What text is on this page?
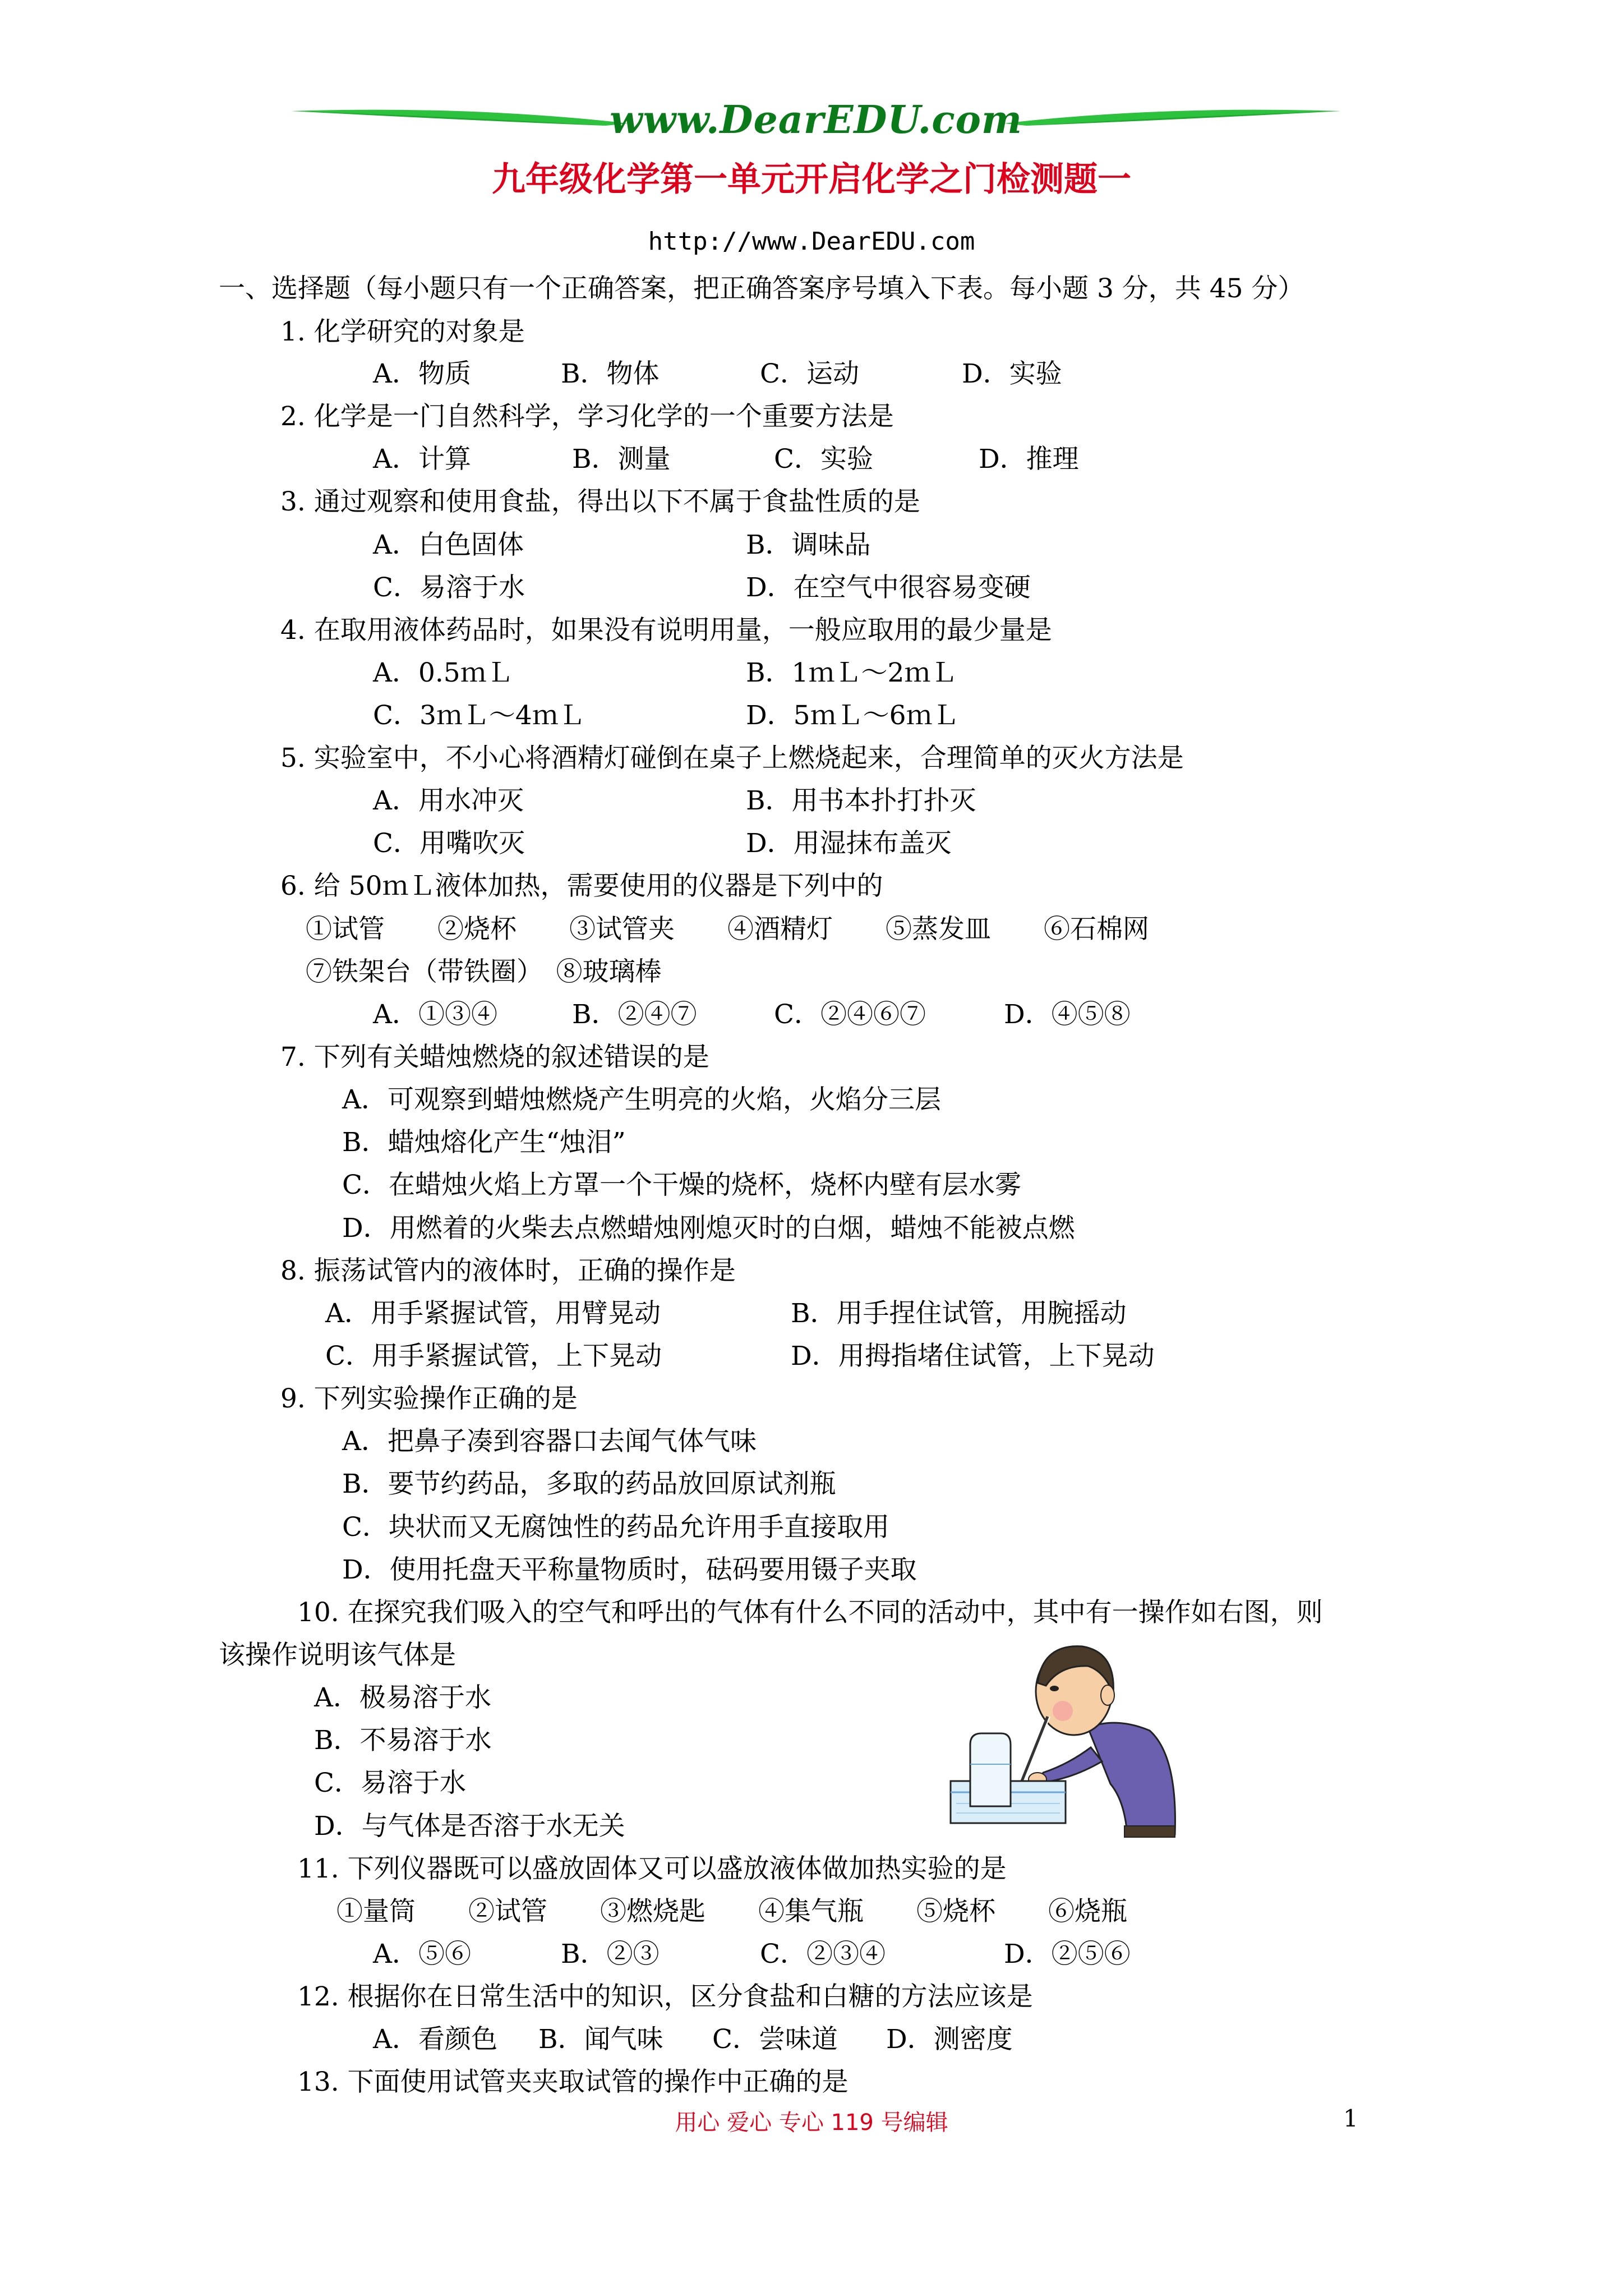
www.DearEDU.com
九年级化学第一单元开启化学之门检测题一
http://www.DearEDU.com
一、选择题（每小题只有一个正确答案，把正确答案序号填入下表。每小题 3 分，共 45 分）
1. 化学研究的对象是
A．物质	B．物体	C．运动	D．实验
2. 化学是一门自然科学，学习化学的一个重要方法是
A．计算	B．测量	C．实验	D．推理
3. 通过观察和使用食盐，得出以下不属于食盐性质的是
A．白色固体	B．调味品
C．易溶于水	D．在空气中很容易变硬
4. 在取用液体药品时，如果没有说明用量，一般应取用的最少量是
A．0.5ｍＬ	B．1ｍＬ～2ｍＬ
C．3ｍＬ～4ｍＬ	D．5ｍＬ～6ｍＬ
5. 实验室中，不小心将酒精灯碰倒在桌子上燃烧起来，合理简单的灭火方法是
A．用水冲灭	B．用书本扑打扑灭
C．用嘴吹灭	D．用湿抹布盖灭
6. 给 50ｍＬ液体加热，需要使用的仪器是下列中的
①试管　　②烧杯　　③试管夹　　④酒精灯　　⑤蒸发皿　　⑥石棉网
⑦铁架台（带铁圈）　⑧玻璃棒
A．①③④	B．②④⑦	C．②④⑥⑦	D．④⑤⑧
7. 下列有关蜡烛燃烧的叙述错误的是
A．可观察到蜡烛燃烧产生明亮的火焰，火焰分三层
B．蜡烛熔化产生“烛泪”
C．在蜡烛火焰上方罩一个干燥的烧杯，烧杯内壁有层水雾
D．用燃着的火柴去点燃蜡烛刚熄灭时的白烟，蜡烛不能被点燃
8. 振荡试管内的液体时，正确的操作是
A．用手紧握试管，用臂晃动	B．用手捏住试管，用腕摇动
C．用手紧握试管，上下晃动	D．用拇指堵住试管，上下晃动
9. 下列实验操作正确的是
A．把鼻子凑到容器口去闻气体气味
B．要节约药品，多取的药品放回原试剂瓶
C．块状而又无腐蚀性的药品允许用手直接取用
D．使用托盘天平称量物质时，砝码要用镊子夹取
10. 在探究我们吸入的空气和呼出的气体有什么不同的活动中，其中有一操作如右图，则
该操作说明该气体是
A．极易溶于水
B．不易溶于水
C．易溶于水
D．与气体是否溶于水无关
11. 下列仪器既可以盛放固体又可以盛放液体做加热实验的是
①量筒　　②试管　　③燃烧匙　　④集气瓶　　⑤烧杯　　⑥烧瓶
A．⑤⑥	B．②③	C．②③④	D．②⑤⑥
12. 根据你在日常生活中的知识，区分食盐和白糖的方法应该是
A．看颜色 B．闻气味 C．尝味道 D．测密度
13. 下面使用试管夹夹取试管的操作中正确的是
用心 爱心 专心 119 号编辑	1
